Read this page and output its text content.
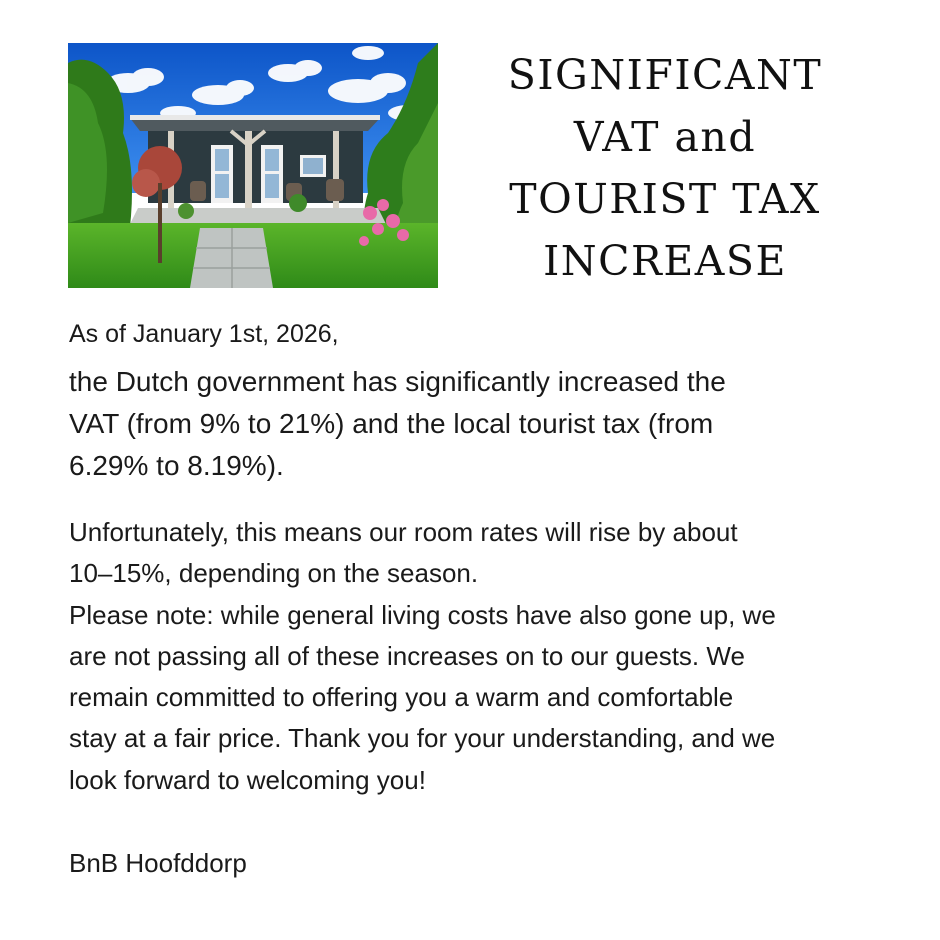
SIGNIFICANT
VAT and
TOURIST TAX
INCREASE
As of January 1st, 2026,
the Dutch government has significantly increased the
VAT (from 9% to 21%) and the local tourist tax (from
6.29% to 8.19%).
Unfortunately, this means our room rates will rise by about
10–15%, depending on the season.
Please note: while general living costs have also gone up, we
are not passing all of these increases on to our guests. We
remain committed to offering you a warm and comfortable
stay at a fair price. Thank you for your understanding, and we
look forward to welcoming you!
BnB Hoofddorp
